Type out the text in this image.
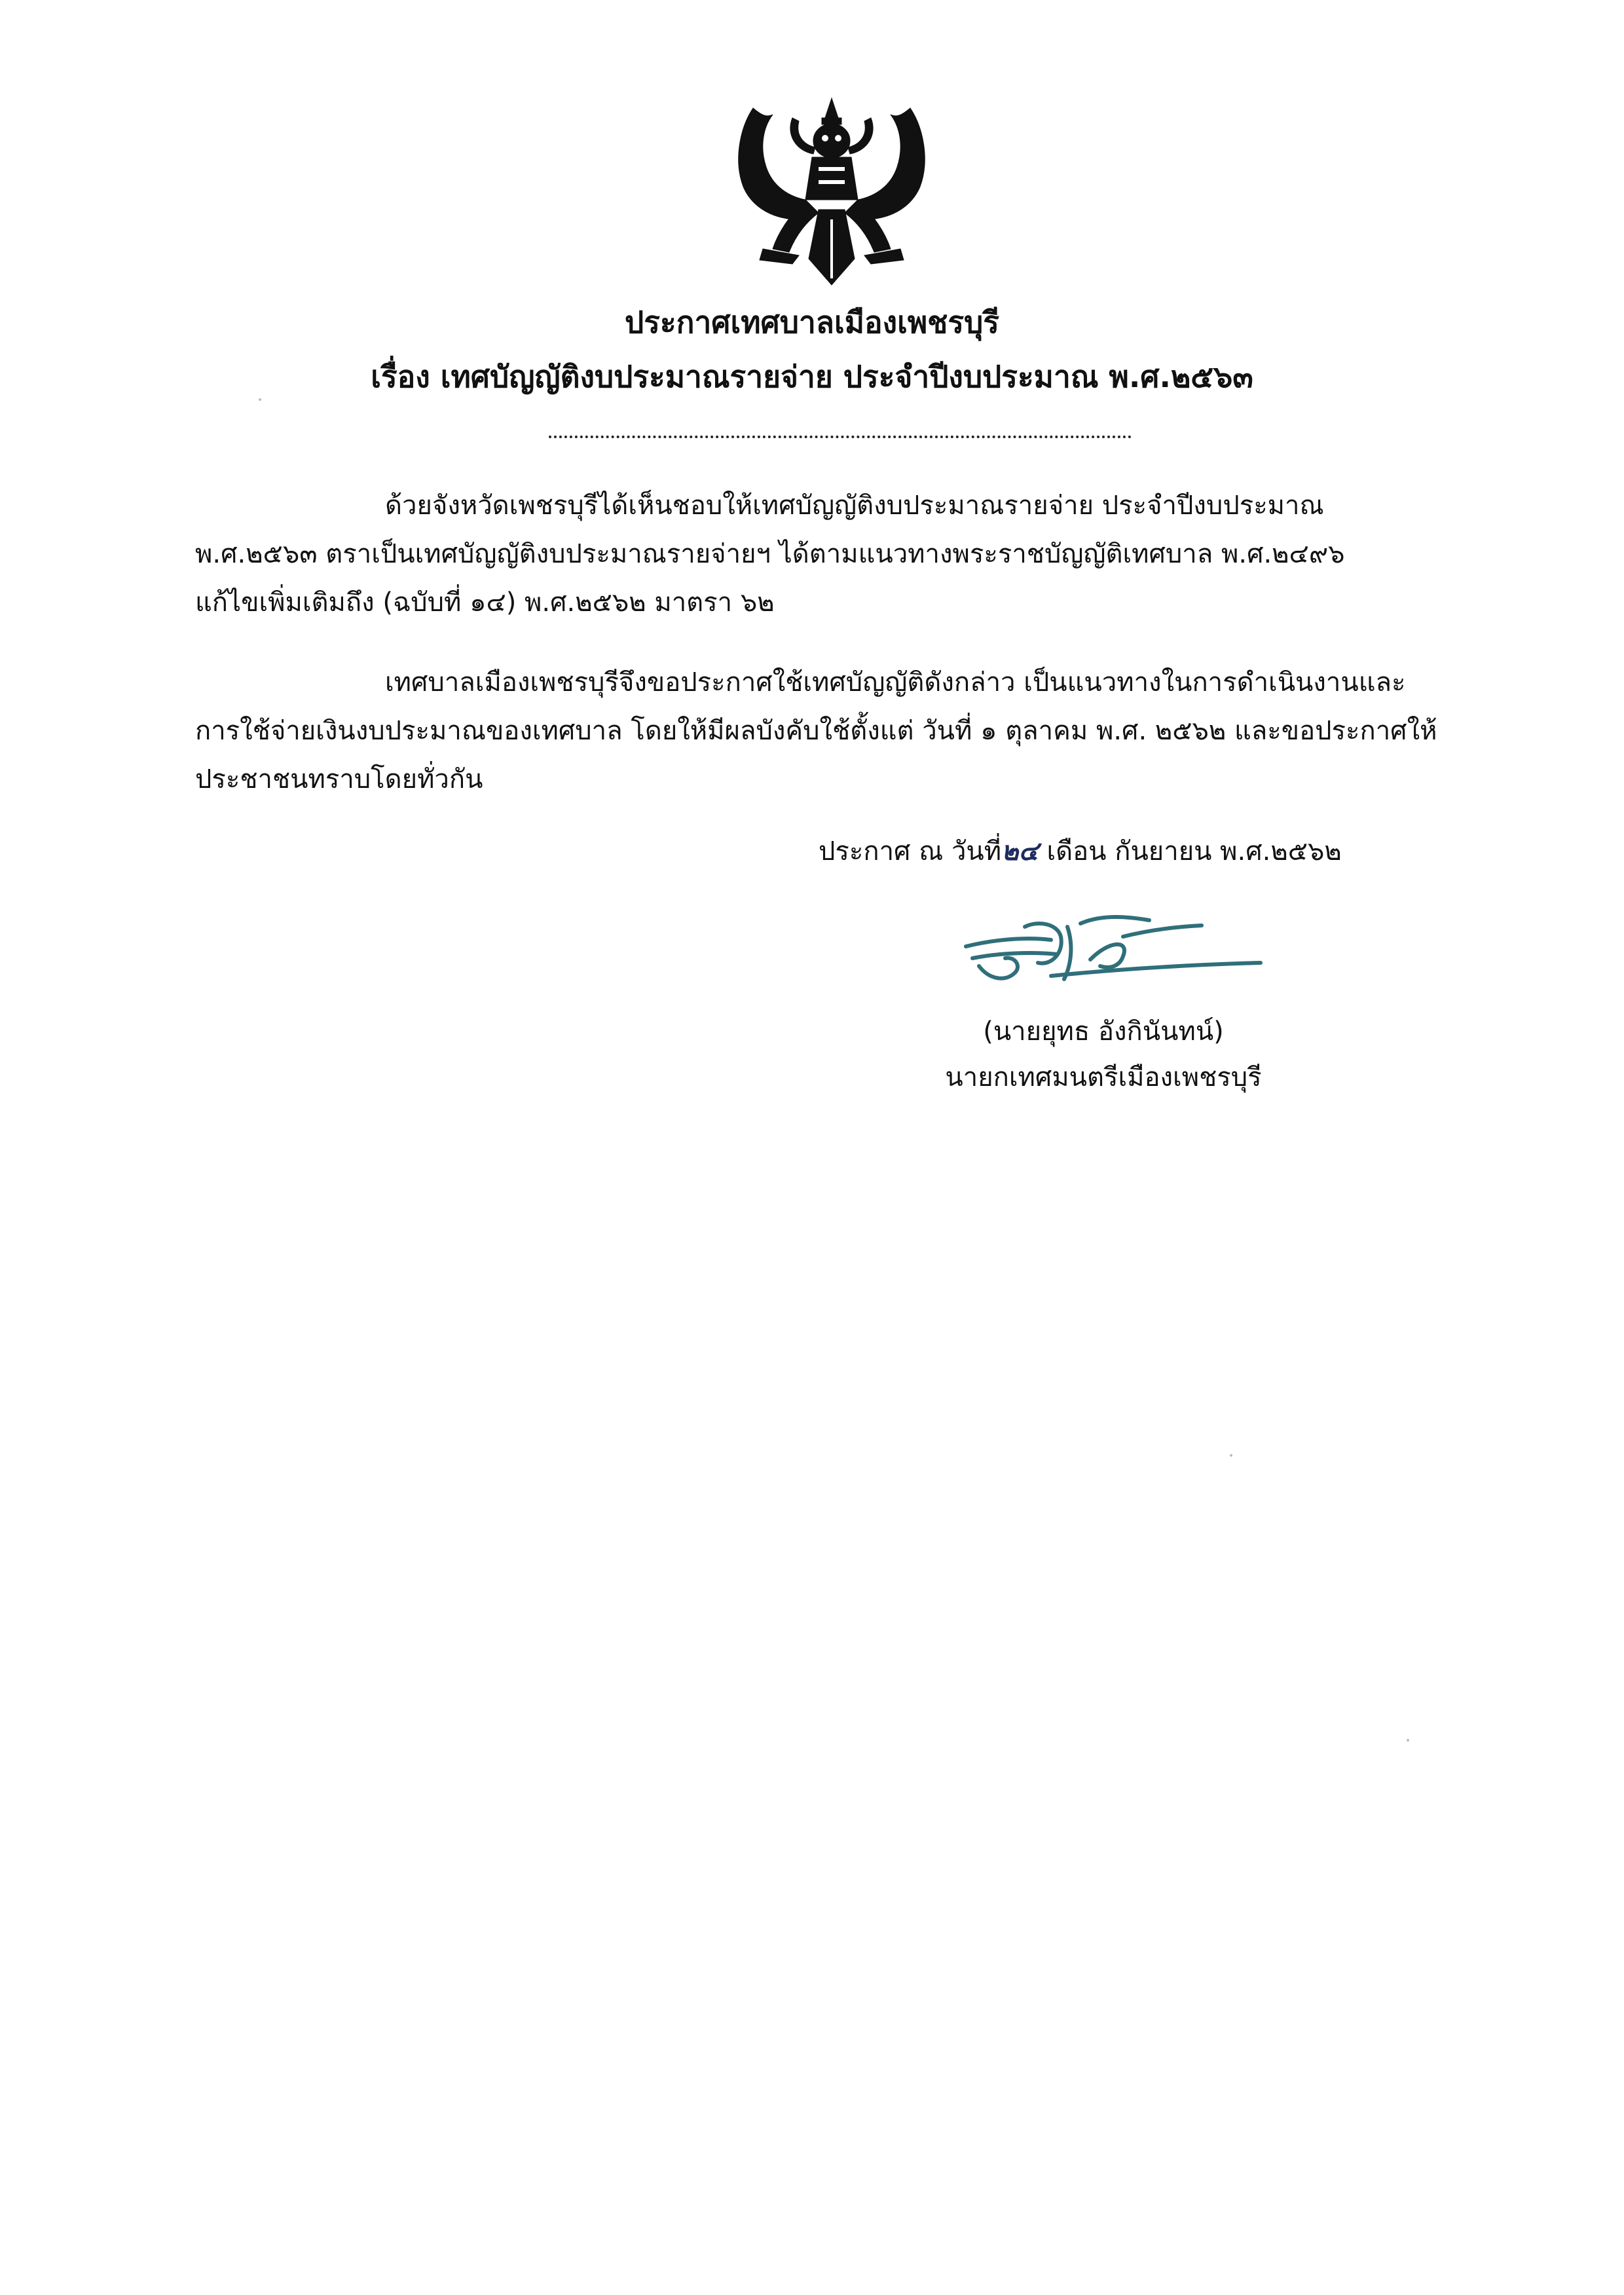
ประกาศเทศบาลเมืองเพชรบุรี
เรื่อง เทศบัญญัติงบประมาณรายจ่าย ประจำปีงบประมาณ พ.ศ.๒๕๖๓
ด้วยจังหวัดเพชรบุรีได้เห็นชอบให้เทศบัญญัติงบประมาณรายจ่าย ประจำปีงบประมาณ
พ.ศ.๒๕๖๓ ตราเป็นเทศบัญญัติงบประมาณรายจ่ายฯ ได้ตามแนวทางพระราชบัญญัติเทศบาล พ.ศ.๒๔๙๖
แก้ไขเพิ่มเติมถึง (ฉบับที่ ๑๔) พ.ศ.๒๕๖๒ มาตรา ๖๒
เทศบาลเมืองเพชรบุรีจึงขอประกาศใช้เทศบัญญัติดังกล่าว เป็นแนวทางในการดำเนินงานและ
การใช้จ่ายเงินงบประมาณของเทศบาล โดยให้มีผลบังคับใช้ตั้งแต่ วันที่ ๑ ตุลาคม พ.ศ. ๒๕๖๒ และขอประกาศให้
ประชาชนทราบโดยทั่วกัน
ประกาศ ณ วันที่๒๔ เดือน กันยายน พ.ศ.๒๕๖๒
(นายยุทธ อังกินันทน์)
นายกเทศมนตรีเมืองเพชรบุรี
